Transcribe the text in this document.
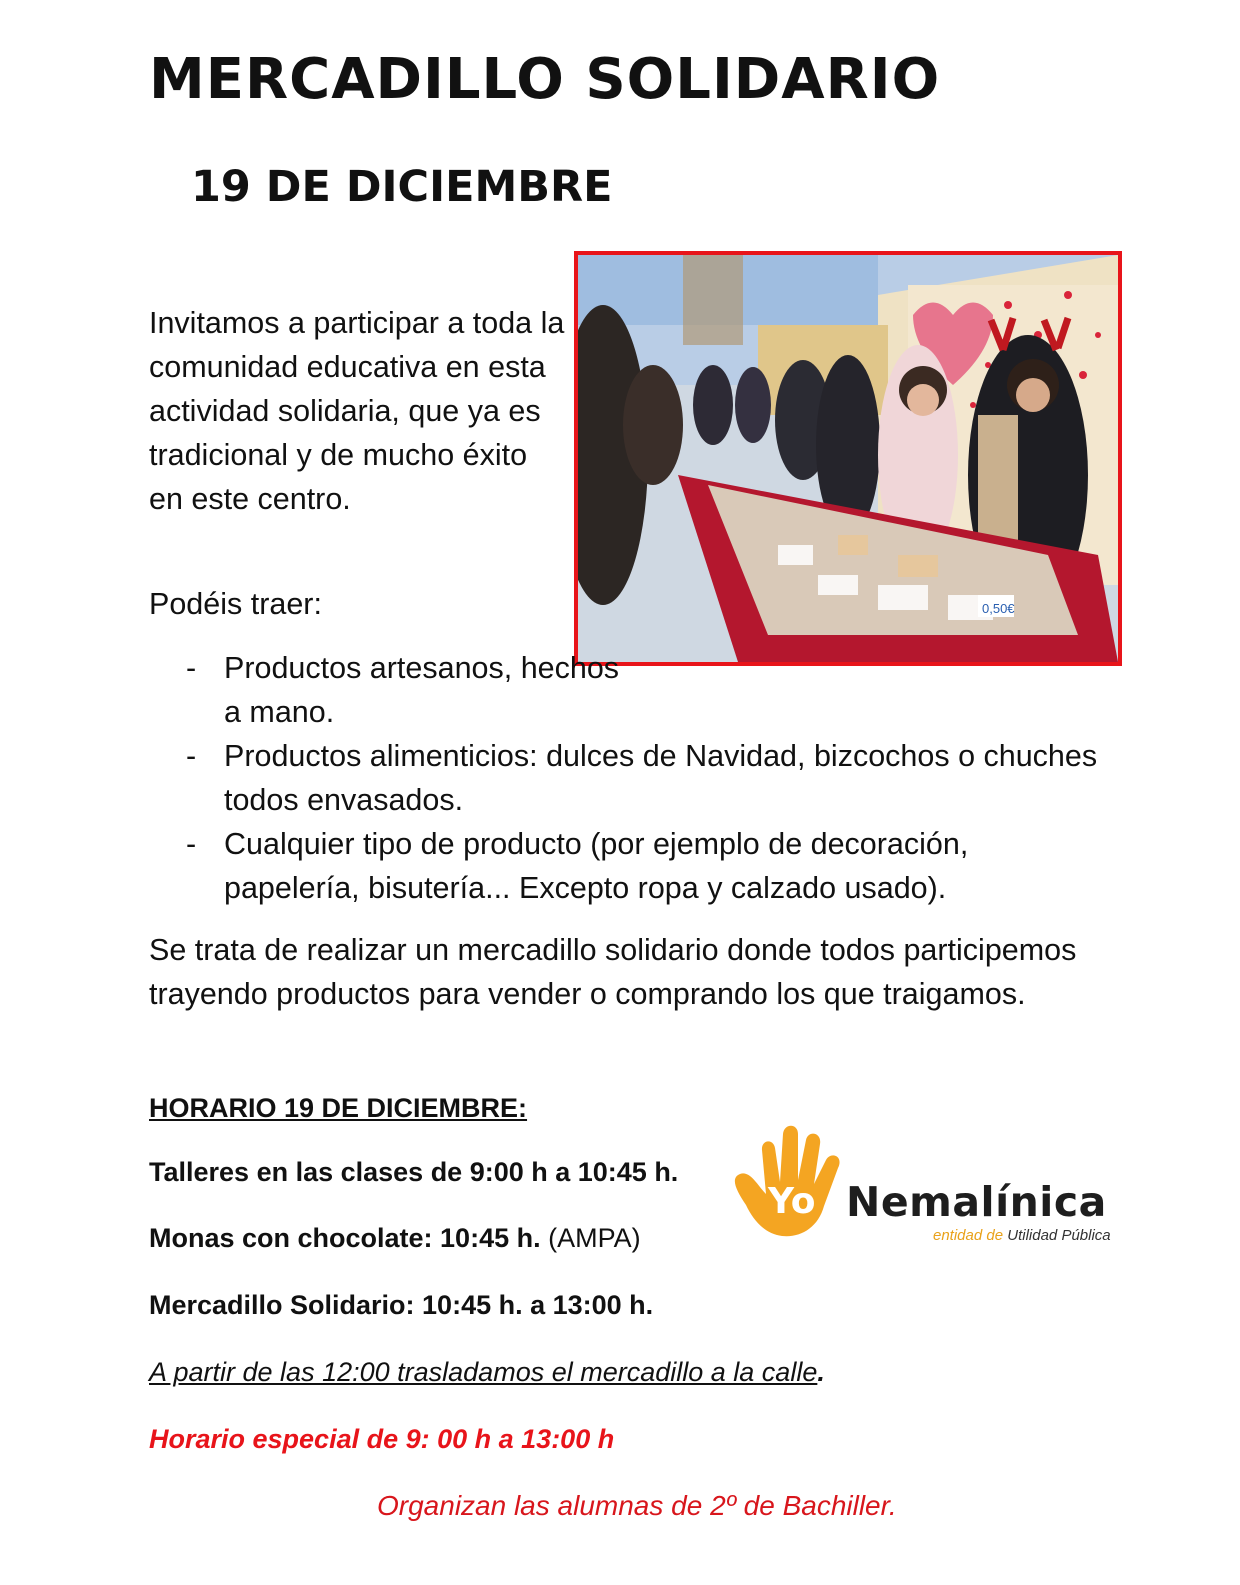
MERCADILLO SOLIDARIO
19 DE DICIEMBRE

Invitamos a participar a toda la comunidad educativa en esta actividad solidaria, que ya es tradicional y de mucho éxito en este centro.

0,50€

Podéis traer:

- Productos artesanos, hechos a mano.
- Productos alimenticios: dulces de Navidad, bizcochos o chuches todos envasados.
- Cualquier tipo de producto (por ejemplo de decoración, papelería, bisutería... Excepto ropa y calzado usado).

Se trata de realizar un mercadillo solidario donde todos participemos trayendo productos para vender o comprando los que traigamos.

HORARIO 19 DE DICIEMBRE:

Talleres en las clases de 9:00 h a 10:45 h.

Monas con chocolate: 10:45 h. (AMPA)

Mercadillo Solidario: 10:45 h. a 13:00 h.

A partir de las 12:00 trasladamos el mercadillo a la calle.

Horario especial de 9: 00 h a 13:00 h

Organizan las alumnas de 2º de Bachiller.

Yo Nemalínica
entidad de Utilidad Pública
